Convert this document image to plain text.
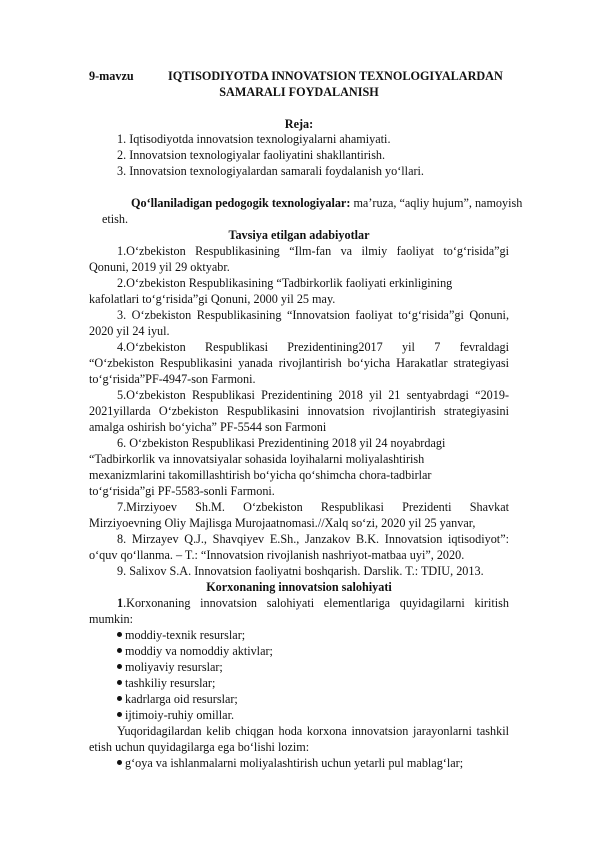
9-mavzu	IQTISODIYOTDA INNOVATSION TEXNOLOGIYALARDAN
SAMARALI FOYDALANISH
Reja:
1. Iqtisodiyotda innovatsion texnologiyalarni ahamiyati.
2. Innovatsion texnologiyalar faoliyatini shakllantirish.
3. Innovatsion texnologiyalardan samarali foydalanish yo‘llari.
Qo‘llaniladigan pedogogik texnologiyalar: ma’ruza, “aqliy hujum”, namoyish
etish.
Tavsiya etilgan adabiyotlar
1.O‘zbekiston Respublikasining “Ilm-fan va ilmiy faoliyat to‘g‘risida”gi
Qonuni, 2019 yil 29 oktyabr.
2.O‘zbekiston Respublikasining “Tadbirkorlik faoliyati erkinligining
kafolatlari to‘g‘risida”gi Qonuni, 2000 yil 25 may.
3. O‘zbekiston Respublikasining “Innovatsion faoliyat to‘g‘risida”gi Qonuni,
2020 yil 24 iyul.
4.O‘zbekiston Respublikasi Prezidentining2017 yil 7 fevraldagi
“O‘zbekiston Respublikasini yanada rivojlantirish bo‘yicha Harakatlar strategiyasi
to‘g‘risida”PF-4947-son Farmoni.
5.O‘zbekiston Respublikasi Prezidentining 2018 yil 21 sentyabrdagi “2019-
2021yillarda O‘zbekiston Respublikasini innovatsion rivojlantirish strategiyasini
amalga oshirish bo‘yicha” PF-5544 son Farmoni
6. O‘zbekiston Respublikasi Prezidentining 2018 yil 24 noyabrdagi
“Tadbirkorlik va innovatsiyalar sohasida loyihalarni moliyalashtirish
mexanizmlarini takomillashtirish bo‘yicha qo‘shimcha chora-tadbirlar
to‘g‘risida”gi PF-5583-sonli Farmoni.
7.Mirziyoev Sh.M. O‘zbekiston Respublikasi Prezidenti Shavkat
Mirziyoevning Oliy Majlisga Murojaatnomasi.//Xalq so‘zi, 2020 yil 25 yanvar,
8. Mirzayev Q.J., Shavqiyev E.Sh., Janzakov B.K. Innovatsion iqtisodiyot”:
o‘quv qo‘llanma. – T.: “Innovatsion rivojlanish nashriyot-matbaa uyi”, 2020.
9. Salixov S.A. Innovatsion faoliyatni boshqarish. Darslik. T.: TDIU, 2013.
Korxonaning innovatsion salohiyati
1.Korxonaning innovatsion salohiyati elementlariga quyidagilarni kiritish
mumkin:
moddiy-texnik resurslar;
moddiy va nomoddiy aktivlar;
moliyaviy resurslar;
tashkiliy resurslar;
kadrlarga oid resurslar;
ijtimoiy-ruhiy omillar.
Yuqoridagilardan kelib chiqgan hoda korxona innovatsion jarayonlarni tashkil
etish uchun quyidagilarga ega bo‘lishi lozim:
g‘oya va ishlanmalarni moliyalashtirish uchun yetarli pul mablag‘lar;
